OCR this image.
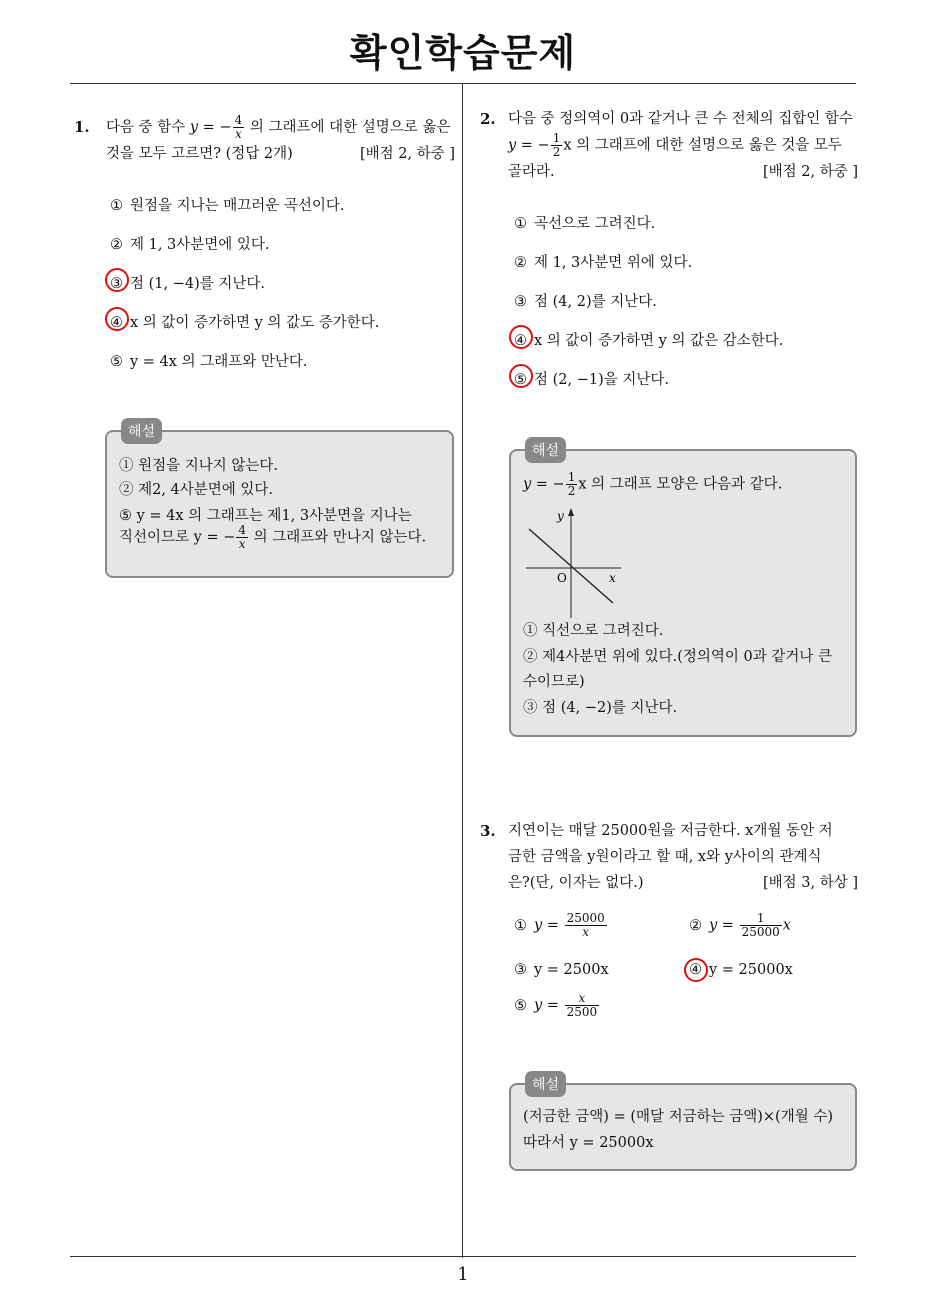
확인학습문제
1
1. 다음 중 함수 y = − $\frac{4}{x}$ 의 그래프에 대한 설명으로 옳은
것을 모두 고르면? (정답 2개)	[배점 2, 하중 ]
① 원점을 지나는 매끄러운 곡선이다.
② 제 1, 3사분면에 있다.
③ 점 (1, −4)를 지난다.
④ x 의 값이 증가하면 y 의 값도 증가한다.
⑤ y = 4x 의 그래프와 만난다.
해설
① 원점을 지나지 않는다.
② 제2, 4사분면에 있다.
⑤ y = 4x 의 그래프는 제1, 3사분면을 지나는
직선이므로 y = − $\frac{4}{x}$ 의 그래프와 만나지 않는다.
2. 다음 중 정의역이 0과 같거나 큰 수 전체의 집합인 함수
y = − $\frac{1}{2}$ x 의 그래프에 대한 설명으로 옳은 것을 모두
골라라.	[배점 2, 하중 ]
① 곡선으로 그려진다.
② 제 1, 3사분면 위에 있다.
③ 점 (4, 2)를 지난다.
④ x 의 값이 증가하면 y 의 값은 감소한다.
⑤ 점 (2, −1)을 지난다.
해설
y = − $\frac{1}{2}$ x 의 그래프 모양은 다음과 같다.
y
x
O
① 직선으로 그려진다.
② 제4사분면 위에 있다.(정의역이 0과 같거나 큰
수이므로)
③ 점 (4, −2)를 지난다.
3. 지연이는 매달 25000원을 저금한다. x개월 동안 저
금한 금액을 y원이라고 할 때, x와 y사이의 관계식
은?(단, 이자는 없다.)	[배점 3, 하상 ]
① $y = \frac{25000}{x}$	② $y = \frac{1}{25000}$ x
③ y = 2500x	④ y = 25000x
⑤ $y = \frac{x}{2500}$
해설
(저금한 금액) = (매달 저금하는 금액)×(개월 수)
따라서 y = 25000x
